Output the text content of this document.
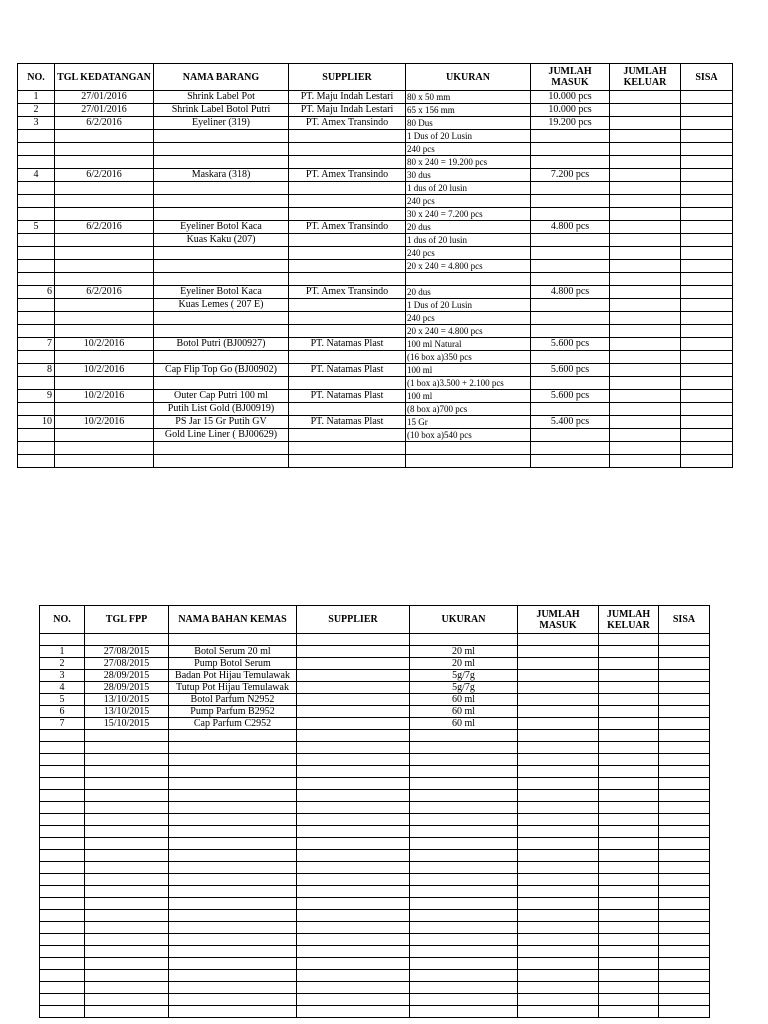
NO.	TGL KEDATANGAN	NAMA BARANG	SUPPLIER	UKURAN	JUMLAH MASUK	JUMLAH KELUAR	SISA
1	27/01/2016	Shrink Label Pot	PT. Maju Indah Lestari	80 x 50 mm	10.000 pcs		
2	27/01/2016	Shrink Label Botol Putri	PT. Maju Indah Lestari	65 x 156 mm	10.000 pcs		
3	6/2/2016	Eyeliner (319)	PT. Amex Transindo	80 Dus	19.200 pcs		
				1 Dus of 20 Lusin			
				240 pcs			
				80 x 240 = 19.200 pcs			
4	6/2/2016	Maskara (318)	PT. Amex Transindo	30 dus	7.200 pcs		
				1 dus of 20 lusin			
				240 pcs			
				30 x 240 = 7.200 pcs			
5	6/2/2016	Eyeliner Botol Kaca	PT. Amex Transindo	20 dus	4.800 pcs		
		Kuas Kaku (207)		1 dus of 20 lusin			
				240 pcs			
				20 x 240 = 4.800 pcs			

6	6/2/2016	Eyeliner Botol Kaca	PT. Amex Transindo	20 dus	4.800 pcs		
		Kuas Lemes ( 207 E)		1 Dus of 20 Lusin			
				240 pcs			
				20 x 240 = 4.800 pcs			
7	10/2/2016	Botol Putri (BJ00927)	PT. Natamas Plast	100 ml Natural	5.600 pcs		
				(16 box a)350 pcs			
8	10/2/2016	Cap Flip Top Go (BJ00902)	PT. Natamas Plast	100 ml	5.600 pcs		
				(1 box a)3.500 + 2.100 pcs			
9	10/2/2016	Outer Cap Putri 100 ml	PT. Natamas Plast	100 ml	5.600 pcs		
		Putih List Gold (BJ00919)		(8 box a)700 pcs			
10	10/2/2016	PS Jar 15 Gr Putih GV	PT. Natamas Plast	15 Gr	5.400 pcs		
		Gold Line Liner ( BJ00629)		(10 box a)540 pcs			

NO.	TGL FPP	NAMA BAHAN KEMAS	SUPPLIER	UKURAN	JUMLAH MASUK	JUMLAH KELUAR	SISA

1	27/08/2015	Botol Serum 20 ml		20 ml			
2	27/08/2015	Pump Botol Serum		20 ml			
3	28/09/2015	Badan Pot Hijau Temulawak		5g/7g			
4	28/09/2015	Tutup Pot Hijau Temulawak		5g/7g			
5	13/10/2015	Botol Parfum N2952		60 ml			
6	13/10/2015	Pump Parfum B2952		60 ml			
7	15/10/2015	Cap Parfum C2952		60 ml			
